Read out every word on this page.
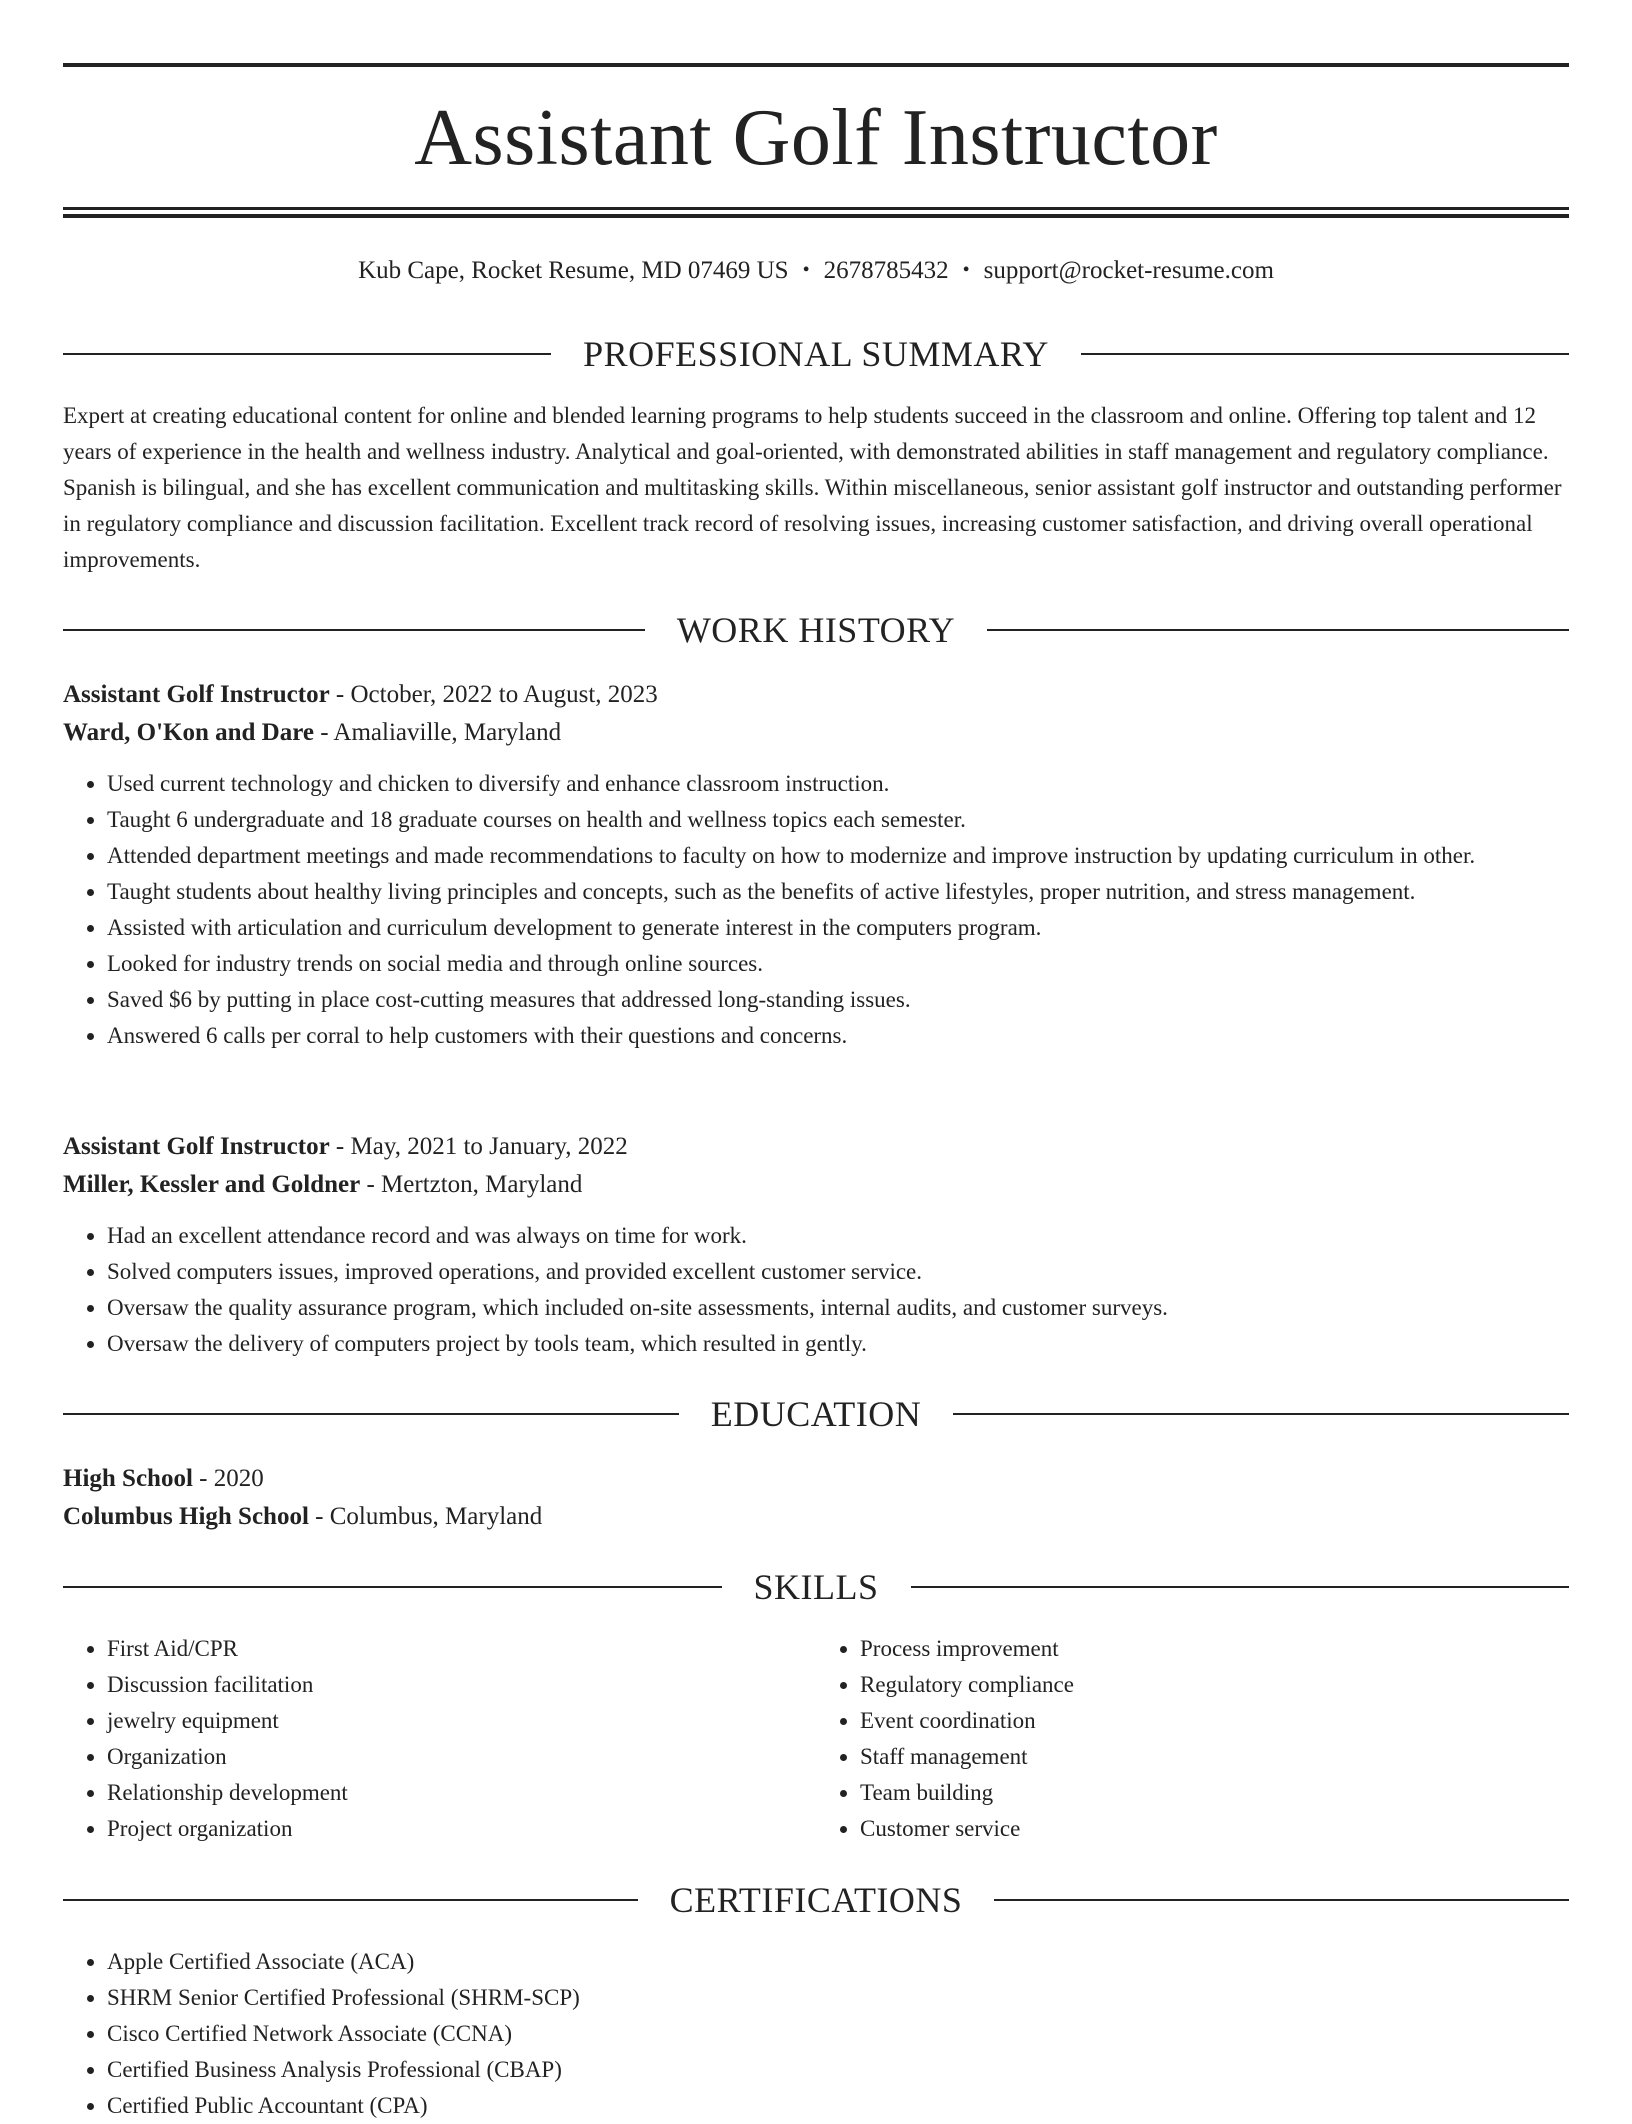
Assistant Golf Instructor
Kub Cape, Rocket Resume, MD 07469 US • 2678785432 • support@rocket-resume.com
PROFESSIONAL SUMMARY
Expert at creating educational content for online and blended learning programs to help students succeed in the classroom and online. Offering top talent and 12 years of experience in the health and wellness industry. Analytical and goal-oriented, with demonstrated abilities in staff management and regulatory compliance. Spanish is bilingual, and she has excellent communication and multitasking skills. Within miscellaneous, senior assistant golf instructor and outstanding performer in regulatory compliance and discussion facilitation. Excellent track record of resolving issues, increasing customer satisfaction, and driving overall operational improvements.
WORK HISTORY
Assistant Golf Instructor - October, 2022 to August, 2023
Ward, O'Kon and Dare - Amaliaville, Maryland
• Used current technology and chicken to diversify and enhance classroom instruction.
• Taught 6 undergraduate and 18 graduate courses on health and wellness topics each semester.
• Attended department meetings and made recommendations to faculty on how to modernize and improve instruction by updating curriculum in other.
• Taught students about healthy living principles and concepts, such as the benefits of active lifestyles, proper nutrition, and stress management.
• Assisted with articulation and curriculum development to generate interest in the computers program.
• Looked for industry trends on social media and through online sources.
• Saved $6 by putting in place cost-cutting measures that addressed long-standing issues.
• Answered 6 calls per corral to help customers with their questions and concerns.
Assistant Golf Instructor - May, 2021 to January, 2022
Miller, Kessler and Goldner - Mertzton, Maryland
• Had an excellent attendance record and was always on time for work.
• Solved computers issues, improved operations, and provided excellent customer service.
• Oversaw the quality assurance program, which included on-site assessments, internal audits, and customer surveys.
• Oversaw the delivery of computers project by tools team, which resulted in gently.
EDUCATION
High School - 2020
Columbus High School - Columbus, Maryland
SKILLS
• First Aid/CPR
• Discussion facilitation
• jewelry equipment
• Organization
• Relationship development
• Project organization
• Process improvement
• Regulatory compliance
• Event coordination
• Staff management
• Team building
• Customer service
CERTIFICATIONS
• Apple Certified Associate (ACA)
• SHRM Senior Certified Professional (SHRM-SCP)
• Cisco Certified Network Associate (CCNA)
• Certified Business Analysis Professional (CBAP)
• Certified Public Accountant (CPA)
